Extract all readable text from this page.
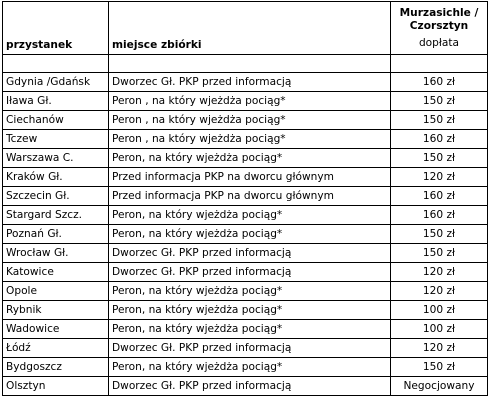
przystanek	miejsce zbiórki	Murzasichle /
Czorsztyn
dopłata

Gdynia /Gdańsk	Dworzec Gł. PKP przed informacją	160 zł
Iława Gł.	Peron , na który wjeżdża pociąg*	150 zł
Ciechanów	Peron , na który wjeżdża pociąg*	150 zł
Tczew	Peron , na który wjeżdża pociąg*	160 zł
Warszawa C.	Peron, na który wjeżdża pociąg*	150 zł
Kraków Gł.	Przed informacja PKP na dworcu głównym	120 zł
Szczecin Gł.	Przed informacja PKP na dworcu głównym	160 zł
Stargard Szcz.	Peron, na który wjeżdża pociąg*	160 zł
Poznań Gł.	Peron, na który wjeżdża pociąg*	150 zł
Wrocław Gł.	Dworzec Gł. PKP przed informacją	150 zł
Katowice	Dworzec Gł. PKP przed informacją	120 zł
Opole	Peron, na który wjeżdża pociąg*	120 zł
Rybnik	Peron, na który wjeżdża pociąg*	100 zł
Wadowice	Peron, na który wjeżdża pociąg*	100 zł
Łódź	Dworzec Gł. PKP przed informacją	120 zł
Bydgoszcz	Peron, na który wjeżdża pociąg*	150 zł
Olsztyn	Dworzec Gł. PKP przed informacją	Negocjowany
